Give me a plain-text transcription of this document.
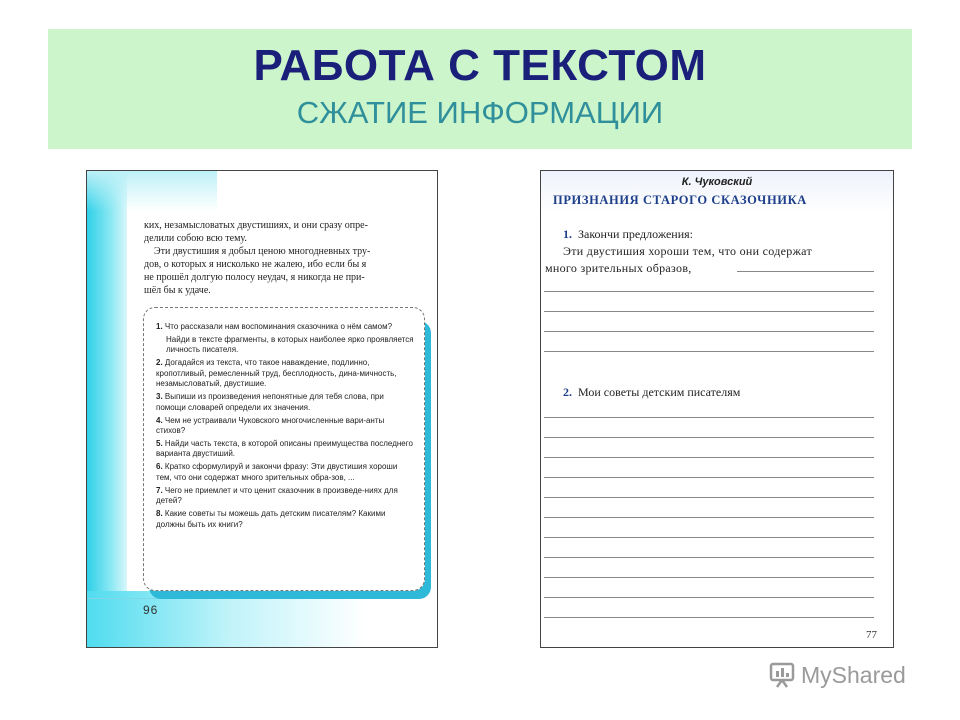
РАБОТА С ТЕКСТОМ
СЖАТИЕ ИНФОРМАЦИИ

ких, незамысловатых двустишиях, и они сразу опре-

делили собою всю тему.

Эти двустишия я добыл ценою многодневных тру-

дов, о которых я нисколько не жалею, ибо если бы я

не прошёл долгую полосу неудач, я никогда не при-

шёл бы к удаче.

1. Что рассказали нам воспоминания сказочника о нём самом?
Найди в тексте фрагменты, в которых наиболее ярко проявляется личность писателя.
2. Догадайся из текста, что такое наваждение, подлинно, кропотливый, ремесленный труд, бесплодность, дина-мичность, незамысловатый, двустишие.
3. Выпиши из произведения непонятные для тебя слова, при помощи словарей определи их значения.
4. Чем не устраивали Чуковского многочисленные вари-анты стихов?
5. Найди часть текста, в которой описаны преимущества последнего варианта двустиший.
6. Кратко сформулируй и закончи фразу: Эти двустишия хороши тем, что они содержат много зрительных обра-зов, ...
7. Чего не приемлет и что ценит сказочник в произведе-ниях для детей?
8. Какие советы ты можешь дать детским писателям? Какими должны быть их книги?
96
К. Чуковский
ПРИЗНАНИЯ СТАРОГО СКАЗОЧНИКА
1. Закончи предложения:
Эти двустишия хороши тем, что они содержат
много зрительных образов,
2. Мои советы детским писателям
77
MyShared
